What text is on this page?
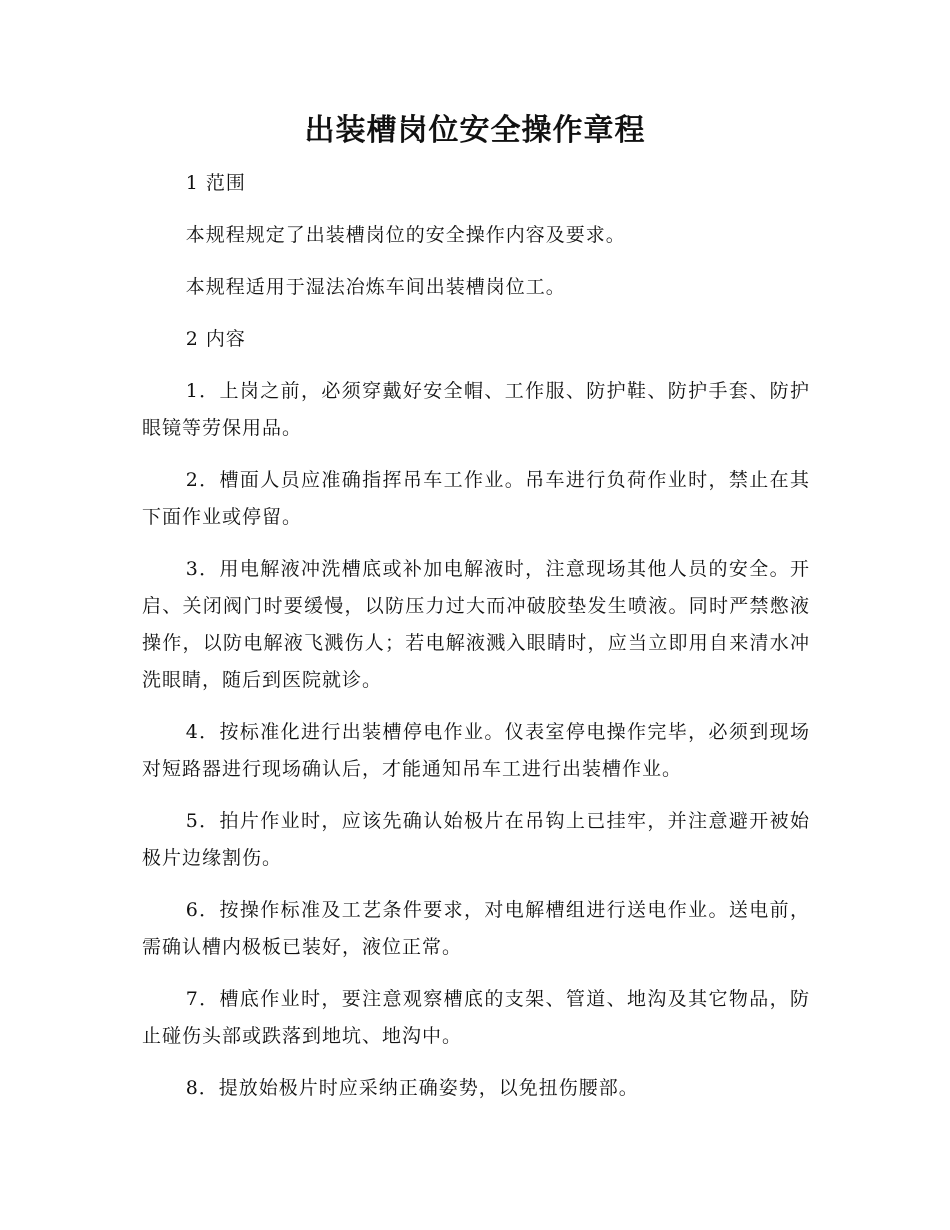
出装槽岗位安全操作章程

1 范围

本规程规定了出装槽岗位的安全操作内容及要求。

本规程适用于湿法冶炼车间出装槽岗位工。

2 内容

1．上岗之前，必须穿戴好安全帽、工作服、防护鞋、防护手套、防护眼镜等劳保用品。

2．槽面人员应准确指挥吊车工作业。吊车进行负荷作业时，禁止在其下面作业或停留。

3．用电解液冲洗槽底或补加电解液时，注意现场其他人员的安全。开启、关闭阀门时要缓慢，以防压力过大而冲破胶垫发生喷液。同时严禁憋液操作，以防电解液飞溅伤人；若电解液溅入眼睛时，应当立即用自来清水冲洗眼睛，随后到医院就诊。

4．按标准化进行出装槽停电作业。仪表室停电操作完毕，必须到现场对短路器进行现场确认后，才能通知吊车工进行出装槽作业。

5．拍片作业时，应该先确认始极片在吊钩上已挂牢，并注意避开被始极片边缘割伤。

6．按操作标准及工艺条件要求，对电解槽组进行送电作业。送电前，需确认槽内极板已装好，液位正常。

7．槽底作业时，要注意观察槽底的支架、管道、地沟及其它物品，防止碰伤头部或跌落到地坑、地沟中。

8．提放始极片时应采纳正确姿势，以免扭伤腰部。
